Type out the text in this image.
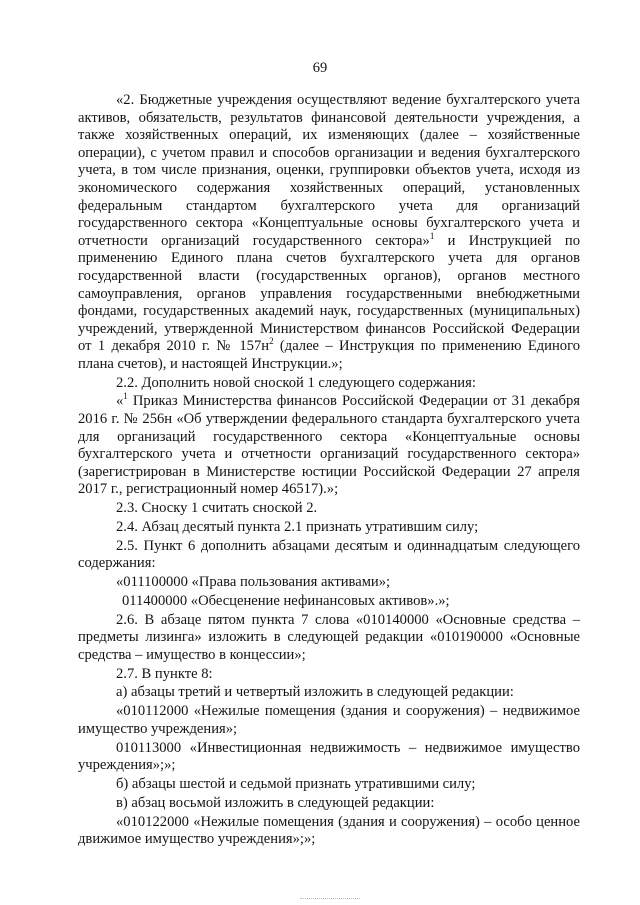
69

«2. Бюджетные учреждения осуществляют ведение бухгалтерского учета активов, обязательств, результатов финансовой деятельности учреждения, а также хозяйственных операций, их изменяющих (далее – хозяйственные операции), с учетом правил и способов организации и ведения бухгалтерского учета, в том числе признания, оценки, группировки объектов учета, исходя из экономического содержания хозяйственных операций, установленных федеральным стандартом бухгалтерского учета для организаций государственного сектора «Концептуальные основы бухгалтерского учета и отчетности организаций государственного сектора»$^1$ и Инструкцией по применению Единого плана счетов бухгалтерского учета для органов государственной власти (государственных органов), органов местного самоуправления, органов управления государственными внебюджетными фондами, государственных академий наук, государственных (муниципальных) учреждений, утвержденной Министерством финансов Российской Федерации от 1 декабря 2010 г. № $157н^2$ (далее – Инструкция по применению Единого плана счетов), и настоящей Инструкции.»;

2.2. Дополнить новой сноской 1 следующего содержания:

«$^1$ Приказ Министерства финансов Российской Федерации от 31 декабря 2016 г. № 256н «Об утверждении федерального стандарта бухгалтерского учета для организаций государственного сектора «Концептуальные основы бухгалтерского учета и отчетности организаций государственного сектора» (зарегистрирован в Министерстве юстиции Российской Федерации 27 апреля 2017 г., регистрационный номер 46517).»;

2.3. Сноску 1 считать сноской 2.

2.4. Абзац десятый пункта 2.1 признать утратившим силу;

2.5. Пункт 6 дополнить абзацами десятым и одиннадцатым следующего содержания:

«011100000 «Права пользования активами»;

011400000 «Обесценение нефинансовых активов».»;

2.6. В абзаце пятом пункта 7 слова «010140000 «Основные средства – предметы лизинга» изложить в следующей редакции «010190000 «Основные средства – имущество в концессии»;

2.7. В пункте 8:

а) абзацы третий и четвертый изложить в следующей редакции:

«010112000 «Нежилые помещения (здания и сооружения) – недвижимое имущество учреждения»;

010113000 «Инвестиционная недвижимость – недвижимое имущество учреждения»;»;

б) абзацы шестой и седьмой признать утратившими силу;

в) абзац восьмой изложить в следующей редакции:

«010122000 «Нежилые помещения (здания и сооружения) – особо ценное движимое имущество учреждения»;»;
